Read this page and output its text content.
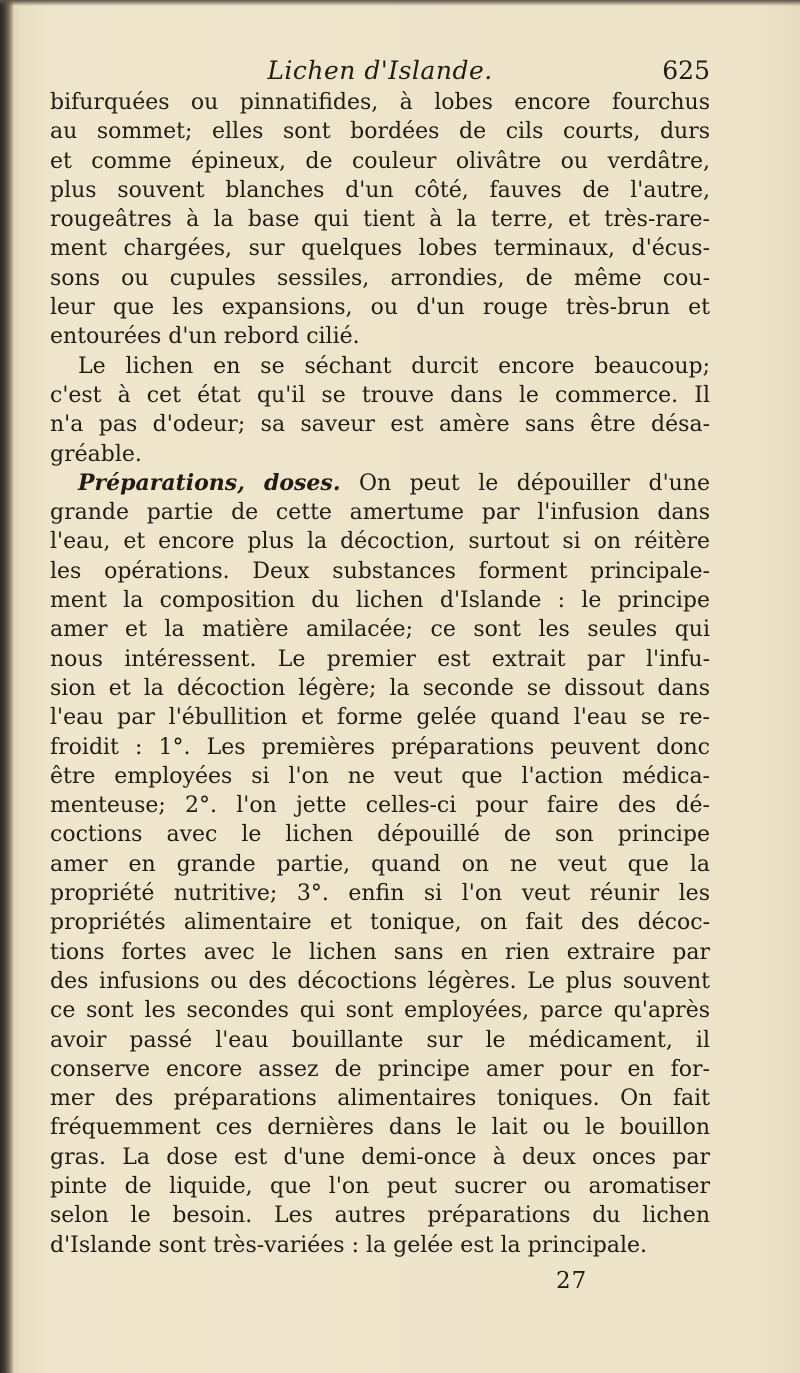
Lichen d'Islande.	625
bifurquées ou pinnatifides, à lobes encore fourchus
au sommet; elles sont bordées de cils courts, durs
et comme épineux, de couleur olivâtre ou verdâtre,
plus souvent blanches d'un côté, fauves de l'autre,
rougeâtres à la base qui tient à la terre, et très-rare-
ment chargées, sur quelques lobes terminaux, d'écus-
sons ou cupules sessiles, arrondies, de même cou-
leur que les expansions, ou d'un rouge très-brun et
entourées d'un rebord cilié.
Le lichen en se séchant durcit encore beaucoup;
c'est à cet état qu'il se trouve dans le commerce. Il
n'a pas d'odeur; sa saveur est amère sans être désa-
gréable.
Préparations, doses. On peut le dépouiller d'une
grande partie de cette amertume par l'infusion dans
l'eau, et encore plus la décoction, surtout si on réitère
les opérations. Deux substances forment principale-
ment la composition du lichen d'Islande : le principe
amer et la matière amilacée; ce sont les seules qui
nous intéressent. Le premier est extrait par l'infu-
sion et la décoction légère; la seconde se dissout dans
l'eau par l'ébullition et forme gelée quand l'eau se re-
froidit : 1°. Les premières préparations peuvent donc
être employées si l'on ne veut que l'action médica-
menteuse; 2°. l'on jette celles-ci pour faire des dé-
coctions avec le lichen dépouillé de son principe
amer en grande partie, quand on ne veut que la
propriété nutritive; 3°. enfin si l'on veut réunir les
propriétés alimentaire et tonique, on fait des décoc-
tions fortes avec le lichen sans en rien extraire par
des infusions ou des décoctions légères. Le plus souvent
ce sont les secondes qui sont employées, parce qu'après
avoir passé l'eau bouillante sur le médicament, il
conserve encore assez de principe amer pour en for-
mer des préparations alimentaires toniques. On fait
fréquemment ces dernières dans le lait ou le bouillon
gras. La dose est d'une demi-once à deux onces par
pinte de liquide, que l'on peut sucrer ou aromatiser
selon le besoin. Les autres préparations du lichen
d'Islande sont très-variées : la gelée est la principale.
27
